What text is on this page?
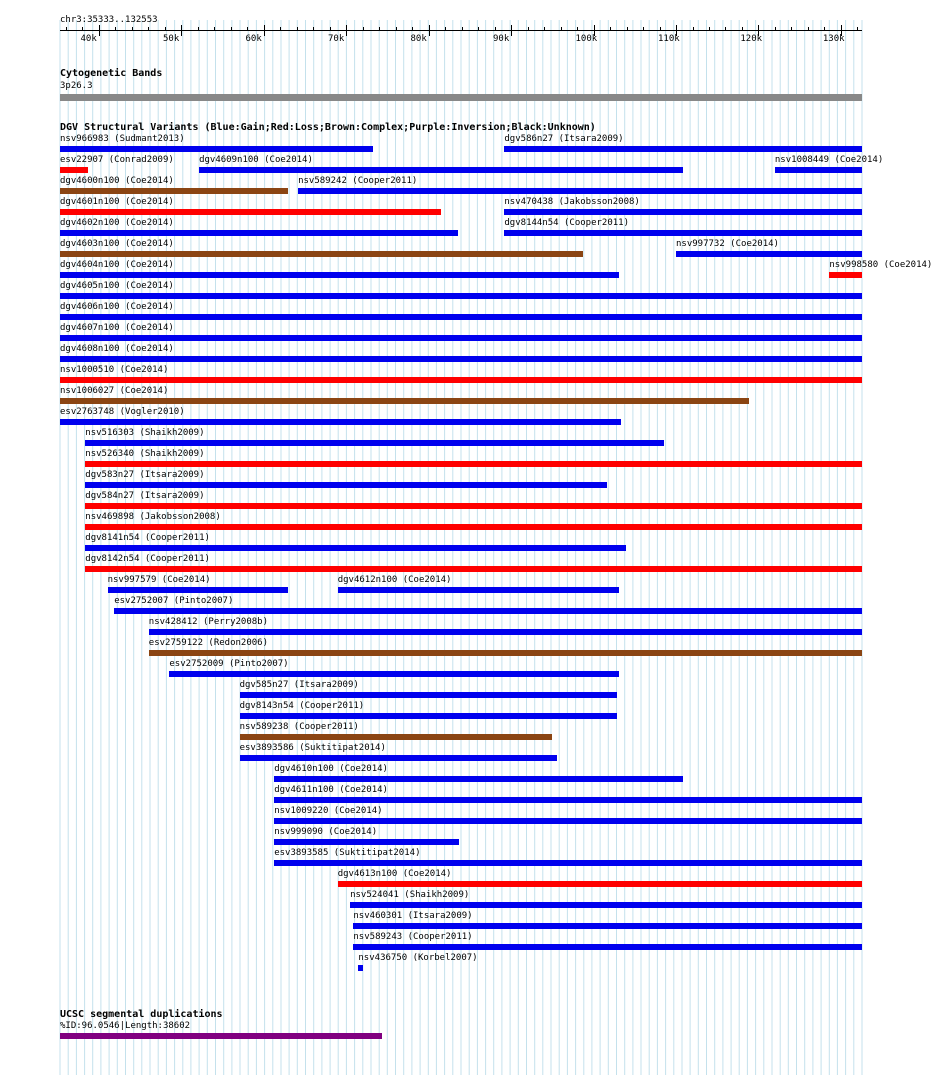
chr3:35333..132553
40k	50k	60k	70k	80k	90k	100k	110k	120k	130k
Cytogenetic Bands
3p26.3
DGV Structural Variants (Blue:Gain;Red:Loss;Brown:Complex;Purple:Inversion;Black:Unknown)
nsv966983 (Sudmant2013)	dgv586n27 (Itsara2009)
esv22907 (Conrad2009)	dgv4609n100 (Coe2014)	nsv1008449 (Coe2014)
dgv4600n100 (Coe2014)	nsv589242 (Cooper2011)
dgv4601n100 (Coe2014)	nsv470438 (Jakobsson2008)
dgv4602n100 (Coe2014)	dgv8144n54 (Cooper2011)
dgv4603n100 (Coe2014)	nsv997732 (Coe2014)
dgv4604n100 (Coe2014)	nsv998580 (Coe2014)
dgv4605n100 (Coe2014)
dgv4606n100 (Coe2014)
dgv4607n100 (Coe2014)
dgv4608n100 (Coe2014)
nsv1000510 (Coe2014)
nsv1006027 (Coe2014)
esv2763748 (Vogler2010)
nsv516303 (Shaikh2009)
nsv526340 (Shaikh2009)
dgv583n27 (Itsara2009)
dgv584n27 (Itsara2009)
nsv469898 (Jakobsson2008)
dgv8141n54 (Cooper2011)
dgv8142n54 (Cooper2011)
nsv997579 (Coe2014)	dgv4612n100 (Coe2014)
esv2752007 (Pinto2007)
nsv428412 (Perry2008b)
esv2759122 (Redon2006)
esv2752009 (Pinto2007)
dgv585n27 (Itsara2009)
dgv8143n54 (Cooper2011)
nsv589238 (Cooper2011)
esv3893586 (Suktitipat2014)
dgv4610n100 (Coe2014)
dgv4611n100 (Coe2014)
nsv1009220 (Coe2014)
nsv999090 (Coe2014)
esv3893585 (Suktitipat2014)
dgv4613n100 (Coe2014)
nsv524041 (Shaikh2009)
nsv460301 (Itsara2009)
nsv589243 (Cooper2011)
nsv436750 (Korbel2007)
UCSC segmental duplications
%ID:96.0546|Length:38602
